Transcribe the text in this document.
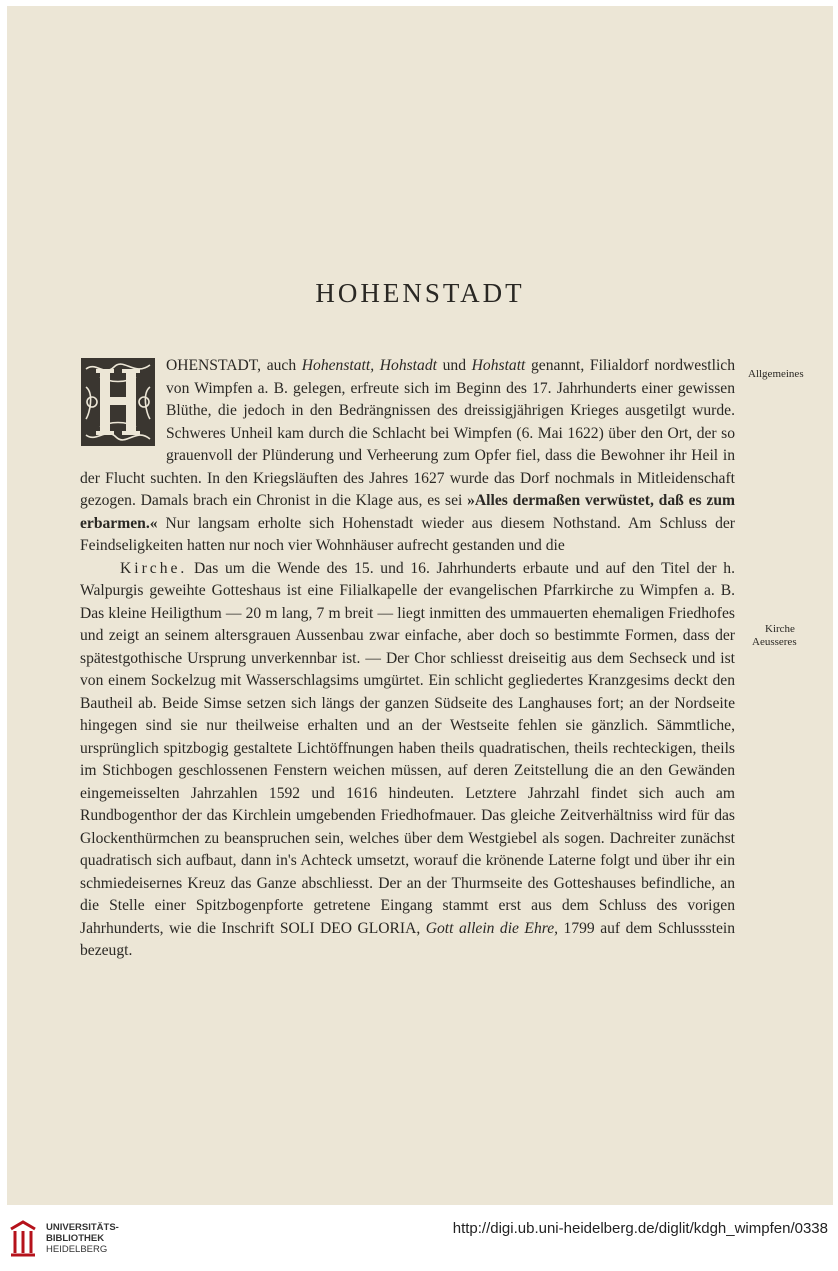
HOHENSTADT
Allgemeines
Kirche
Aeusseres

OHENSTADT, auch Hohenstatt, Hohstadt und Hohstatt genannt, Filialdorf nordwestlich von Wimpfen a. B. gelegen, erfreute sich im Beginn des 17. Jahrhunderts einer gewissen Blüthe, die jedoch in den Bedrängnissen des dreissigjährigen Krieges ausgetilgt wurde. Schweres Unheil kam durch die Schlacht bei Wimpfen (6. Mai 1622) über den Ort, der so grauenvoll der Plünderung und Verheerung zum Opfer fiel, dass die Bewohner ihr Heil in der Flucht suchten. In den Kriegsläuften des Jahres 1627 wurde das Dorf nochmals in Mitleidenschaft gezogen. Damals brach ein Chronist in die Klage aus, es sei »Alles dermaßen verwüstet, daß es zum erbarmen.« Nur langsam erholte sich Hohenstadt wieder aus diesem Nothstand. Am Schluss der Feindseligkeiten hatten nur noch vier Wohnhäuser aufrecht gestanden und die

Kirche. Das um die Wende des 15. und 16. Jahrhunderts erbaute und auf den Titel der h. Walpurgis geweihte Gotteshaus ist eine Filialkapelle der evangelischen Pfarrkirche zu Wimpfen a. B. Das kleine Heiligthum — 20 m lang, 7 m breit — liegt inmitten des ummauerten ehemaligen Friedhofes und zeigt an seinem altersgrauen Aussenbau zwar einfache, aber doch so bestimmte Formen, dass der spätestgothische Ursprung unverkennbar ist. — Der Chor schliesst dreiseitig aus dem Sechseck und ist von einem Sockelzug mit Wasserschlagsims umgürtet. Ein schlicht gegliedertes Kranzgesims deckt den Bautheil ab. Beide Simse setzen sich längs der ganzen Südseite des Langhauses fort; an der Nordseite hingegen sind sie nur theilweise erhalten und an der Westseite fehlen sie gänzlich. Sämmtliche, ursprünglich spitzbogig gestaltete Lichtöffnungen haben theils quadratischen, theils rechteckigen, theils im Stichbogen geschlossenen Fenstern weichen müssen, auf deren Zeitstellung die an den Gewänden eingemeisselten Jahrzahlen 1592 und 1616 hindeuten. Letztere Jahrzahl findet sich auch am Rundbogenthor der das Kirchlein umgebenden Friedhofmauer. Das gleiche Zeitverhältniss wird für das Glockenthürmchen zu beanspruchen sein, welches über dem Westgiebel als sogen. Dachreiter zunächst quadratisch sich aufbaut, dann in's Achteck umsetzt, worauf die krönende Laterne folgt und über ihr ein schmiedeisernes Kreuz das Ganze abschliesst. Der an der Thurmseite des Gotteshauses befindliche, an die Stelle einer Spitzbogenpforte getretene Eingang stammt erst aus dem Schluss des vorigen Jahrhunderts, wie die Inschrift SOLI DEO GLORIA, Gott allein die Ehre, 1799 auf dem Schlussstein bezeugt.

UNIVERSITÄTS-
BIBLIOTHEK
HEIDELBERG
http://digi.ub.uni-heidelberg.de/diglit/kdgh_wimpfen/0338
